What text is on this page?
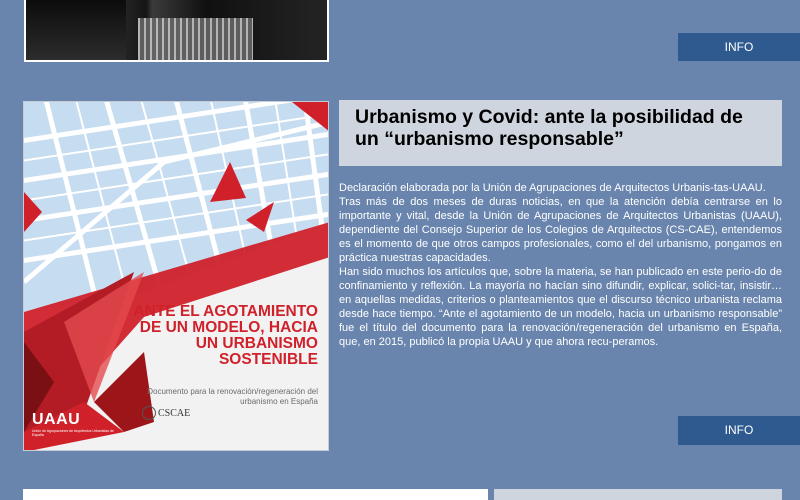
INFO
ANTE EL AGOTAMIENTO DE UN MODELO, HACIA UN URBANISMO SOSTENIBLE
Documento para la renovación/regeneración del urbanismo en España
UAAU
Unión de Agrupaciones de Arquitectos Urbanistas de España
CSCAE
Urbanismo y Covid: ante la posibilidad de un “urbanismo responsable”

Declaración elaborada por la Unión de Agrupaciones de Arquitectos Urbanis-tas-UAAU.

Tras más de dos meses de duras noticias, en que la atención debía centrarse en lo importante y vital, desde la Unión de Agrupaciones de Arquitectos Urbanistas (UAAU), dependiente del Consejo Superior de los Colegios de Arquitectos (CS-CAE), entendemos es el momento de que otros campos profesionales, como el del urbanismo, pongamos en práctica nuestras capacidades.

Han sido muchos los artículos que, sobre la materia, se han publicado en este perio-do de confinamiento y reflexión. La mayoría no hacían sino difundir, explicar, solici-tar, insistir… en aquellas medidas, criterios o planteamientos que el discurso técnico urbanista reclama desde hace tiempo. “Ante el agotamiento de un modelo, hacia un urbanismo responsable” fue el título del documento para la renovación/regeneración del urbanismo en España, que, en 2015, publicó la propia UAAU y que ahora recu-peramos.

INFO
